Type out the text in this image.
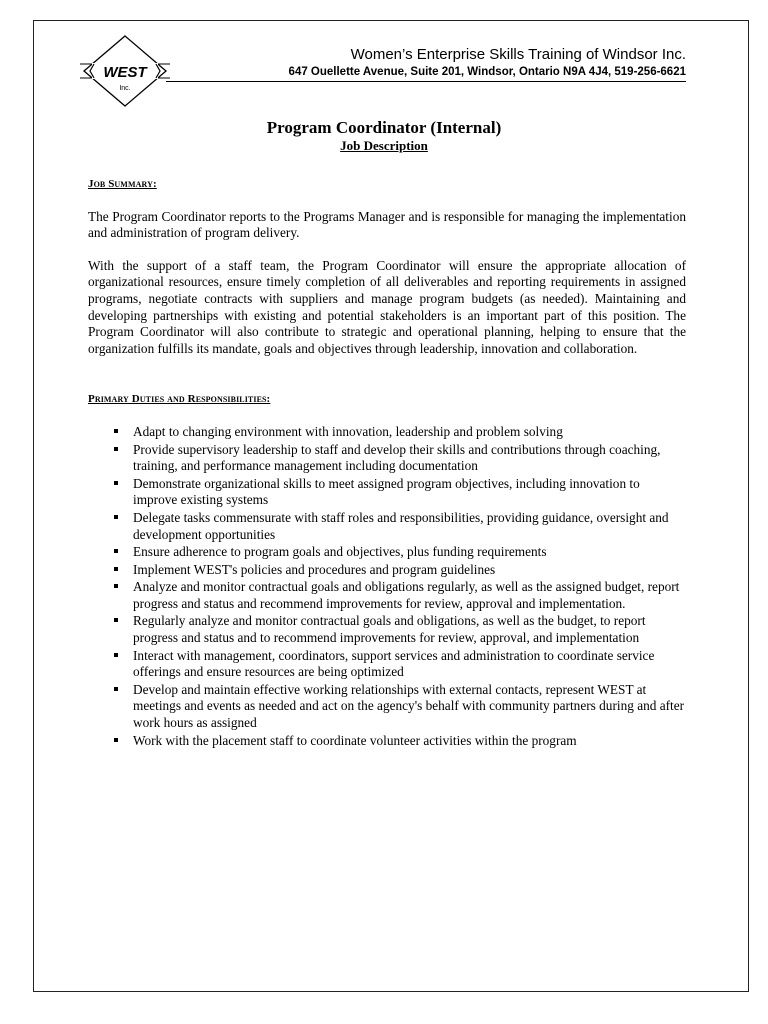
WEST
Inc.
Women’s Enterprise Skills Training of Windsor Inc.
647 Ouellette Avenue, Suite 201, Windsor, Ontario N9A 4J4, 519-256-6621
Program Coordinator (Internal)
Job Description
Job Summary:

The Program Coordinator reports to the Programs Manager and is responsible for managing the implementation and administration of program delivery.

With the support of a staff team, the Program Coordinator will ensure the appropriate allocation of organizational resources, ensure timely completion of all deliverables and reporting requirements in assigned programs, negotiate contracts with suppliers and manage program budgets (as needed). Maintaining and developing partnerships with existing and potential stakeholders is an important part of this position. The Program Coordinator will also contribute to strategic and operational planning, helping to ensure that the organization fulfills its mandate, goals and objectives through leadership, innovation and collaboration.

Primary Duties and Responsibilities:
Adapt to changing environment with innovation, leadership and problem solving
Provide supervisory leadership to staff and develop their skills and contributions through coaching, training, and performance management including documentation
Demonstrate organizational skills to meet assigned program objectives, including innovation to improve existing systems
Delegate tasks commensurate with staff roles and responsibilities, providing guidance, oversight and development opportunities
Ensure adherence to program goals and objectives, plus funding requirements
Implement WEST's policies and procedures and program guidelines
Analyze and monitor contractual goals and obligations regularly, as well as the assigned budget, report progress and status and recommend improvements for review, approval and implementation.
Regularly analyze and monitor contractual goals and obligations, as well as the budget, to report progress and status and to recommend improvements for review, approval, and implementation
Interact with management, coordinators, support services and administration to coordinate service offerings and ensure resources are being optimized
Develop and maintain effective working relationships with external contacts, represent WEST at meetings and events as needed and act on the agency's behalf with community partners during and after work hours as assigned
Work with the placement staff to coordinate volunteer activities within the program
